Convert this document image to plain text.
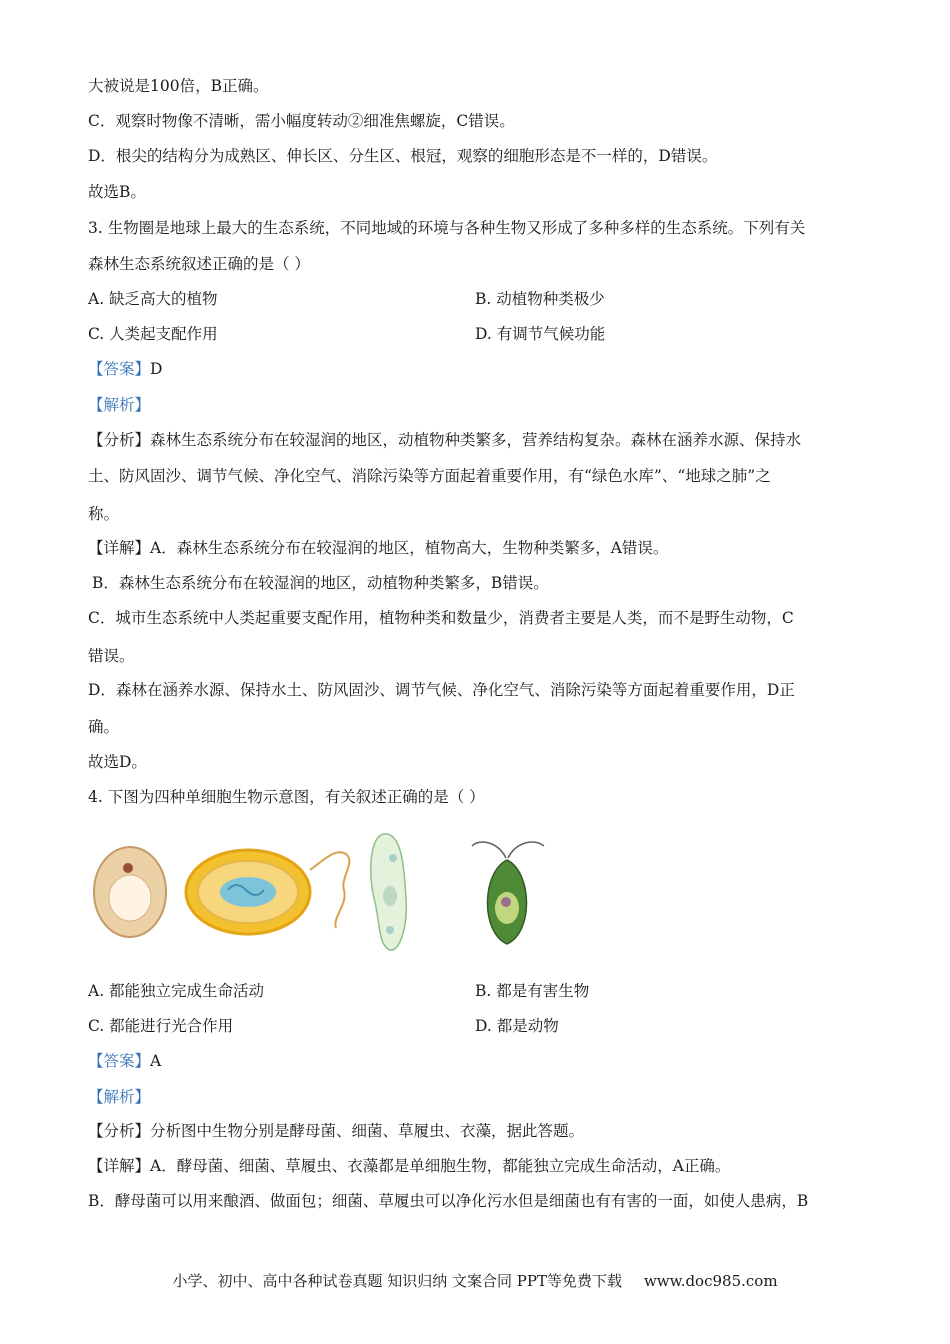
大被说是100倍，B正确。
C．观察时物像不清晰，需小幅度转动②细准焦螺旋，C错误。
D．根尖的结构分为成熟区、伸长区、分生区、根冠，观察的细胞形态是不一样的，D错误。
故选B。
3. 生物圈是地球上最大的生态系统，不同地域的环境与各种生物又形成了多种多样的生态系统。下列有关
森林生态系统叙述正确的是（ ）
A. 缺乏高大的植物	B. 动植物种类极少
C. 人类起支配作用	D. 有调节气候功能
【答案】D
【解析】
【分析】森林生态系统分布在较湿润的地区，动植物种类繁多，营养结构复杂。森林在涵养水源、保持水
土、防风固沙、调节气候、净化空气、消除污染等方面起着重要作用，有“绿色水库”、“地球之肺”之
称。
【详解】A．森林生态系统分布在较湿润的地区，植物高大，生物种类繁多，A错误。
B．森林生态系统分布在较湿润的地区，动植物种类繁多，B错误。
C．城市生态系统中人类起重要支配作用，植物种类和数量少，消费者主要是人类，而不是野生动物，C
错误。
D．森林在涵养水源、保持水土、防风固沙、调节气候、净化空气、消除污染等方面起着重要作用，D正
确。
故选D。
4. 下图为四种单细胞生物示意图，有关叙述正确的是（ ）
A. 都能独立完成生命活动	B. 都是有害生物
C. 都能进行光合作用	D. 都是动物
【答案】A
【解析】
【分析】分析图中生物分别是酵母菌、细菌、草履虫、衣藻，据此答题。
【详解】A．酵母菌、细菌、草履虫、衣藻都是单细胞生物，都能独立完成生命活动，A正确。
B．酵母菌可以用来酿酒、做面包；细菌、草履虫可以净化污水但是细菌也有有害的一面，如使人患病，B
小学、初中、高中各种试卷真题 知识归纳 文案合同 PPT等免费下载 www.doc985.com
